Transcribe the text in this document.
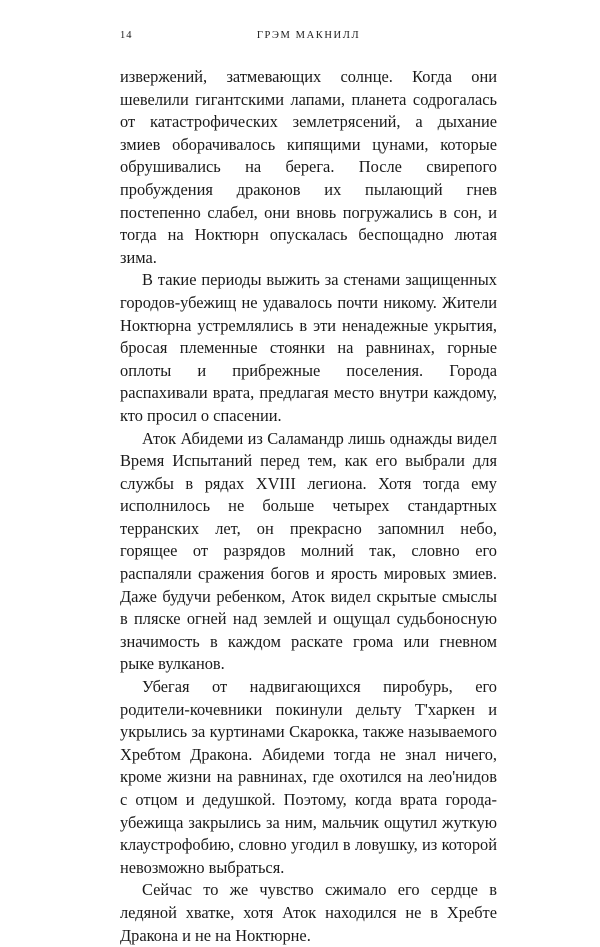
14	ГРЭМ МАКНИЛЛ

извержений, затмевающих солнце. Когда они шевелили гигантскими лапами, планета содрогалась от катастрофических землетрясений, а дыхание змиев оборачивалось кипящими цунами, которые обрушивались на берега. После свирепого пробуждения драконов их пылающий гнев постепенно слабел, они вновь погружались в сон, и тогда на Ноктюрн опускалась беспощадно лютая зима.

В такие периоды выжить за стенами защищенных городов-убежищ не удавалось почти никому. Жители Ноктюрна устремлялись в эти ненадежные укрытия, бросая племенные стоянки на равнинах, горные оплоты и прибрежные поселения. Города распахивали врата, предлагая место внутри каждому, кто просил о спасении.

Аток Абидеми из Саламандр лишь однажды видел Время Испытаний перед тем, как его выбрали для службы в рядах XVIII легиона. Хотя тогда ему исполнилось не больше четырех стандартных терранских лет, он прекрасно запомнил небо, горящее от разрядов молний так, словно его распаляли сражения богов и ярость мировых змиев. Даже будучи ребенком, Аток видел скрытые смыслы в пляске огней над землей и ощущал судьбоносную значимость в каждом раскате грома или гневном рыке вулканов.

Убегая от надвигающихся пиробурь, его родители-кочевники покинули дельту Т'харкен и укрылись за куртинами Скарокка, также называемого Хребтом Дракона. Абидеми тогда не знал ничего, кроме жизни на равнинах, где охотился на лео'нидов с отцом и дедушкой. Поэтому, когда врата города-убежища закрылись за ним, мальчик ощутил жуткую клаустрофобию, словно угодил в ловушку, из которой невозможно выбраться.

Сейчас то же чувство сжимало его сердце в ледяной хватке, хотя Аток находился не в Хребте Дракона и не на Ноктюрне.
